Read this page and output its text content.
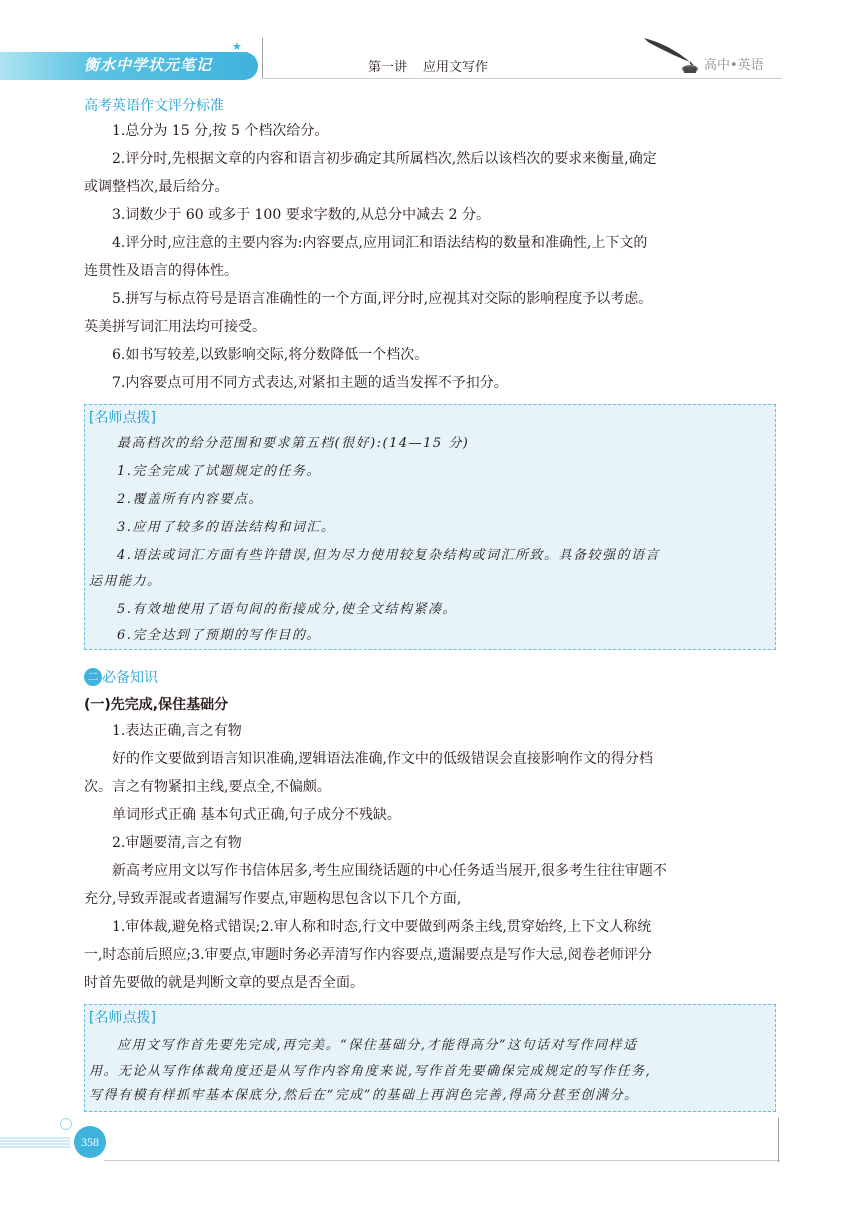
衡水中学状元笔记
★
★
★	第一讲 应用文写作	高中•英语
高考英语作文评分标准
1.总分为 15 分,按 5 个档次给分。
2.评分时,先根据文章的内容和语言初步确定其所属档次,然后以该档次的要求来衡量,确定
或调整档次,最后给分。
3.词数少于 60 或多于 100 要求字数的,从总分中减去 2 分。
4.评分时,应注意的主要内容为:内容要点,应用词汇和语法结构的数量和准确性,上下文的
连贯性及语言的得体性。
5.拼写与标点符号是语言准确性的一个方面,评分时,应视其对交际的影响程度予以考虑。
英美拼写词汇用法均可接受。
6.如书写较差,以致影响交际,将分数降低一个档次。
7.内容要点可用不同方式表达,对紧扣主题的适当发挥不予扣分。
[名师点拨]
最高档次的给分范围和要求第五档(很好):(14—15 分)
1.完全完成了试题规定的任务。
2.覆盖所有内容要点。
3.应用了较多的语法结构和词汇。
4.语法或词汇方面有些许错误,但为尽力使用较复杂结构或词汇所致。具备较强的语言
运用能力。
5.有效地使用了语句间的衔接成分,使全文结构紧凑。
6.完全达到了预期的写作目的。
二 必备知识
(一)先完成,保住基础分
1.表达正确,言之有物
好的作文要做到语言知识准确,逻辑语法准确,作文中的低级错误会直接影响作文的得分档
次。言之有物紧扣主线,要点全,不偏颇。
单词形式正确 基本句式正确,句子成分不残缺。
2.审题要清,言之有物
新高考应用文以写作书信体居多,考生应围绕话题的中心任务适当展开,很多考生往往审题不
充分,导致弄混或者遗漏写作要点,审题构思包含以下几个方面,
1.审体裁,避免格式错误;2.审人称和时态,行文中要做到两条主线,贯穿始终,上下文人称统
一,时态前后照应;3.审要点,审题时务必弄清写作内容要点,遗漏要点是写作大忌,阅卷老师评分
时首先要做的就是判断文章的要点是否全面。
[名师点拨]
应用文写作首先要先完成,再完美。“保住基础分,才能得高分”这句话对写作同样适
用。无论从写作体裁角度还是从写作内容角度来说,写作首先要确保完成规定的写作任务,
写得有模有样抓牢基本保底分,然后在“完成”的基础上再润色完善,得高分甚至创满分。
358
